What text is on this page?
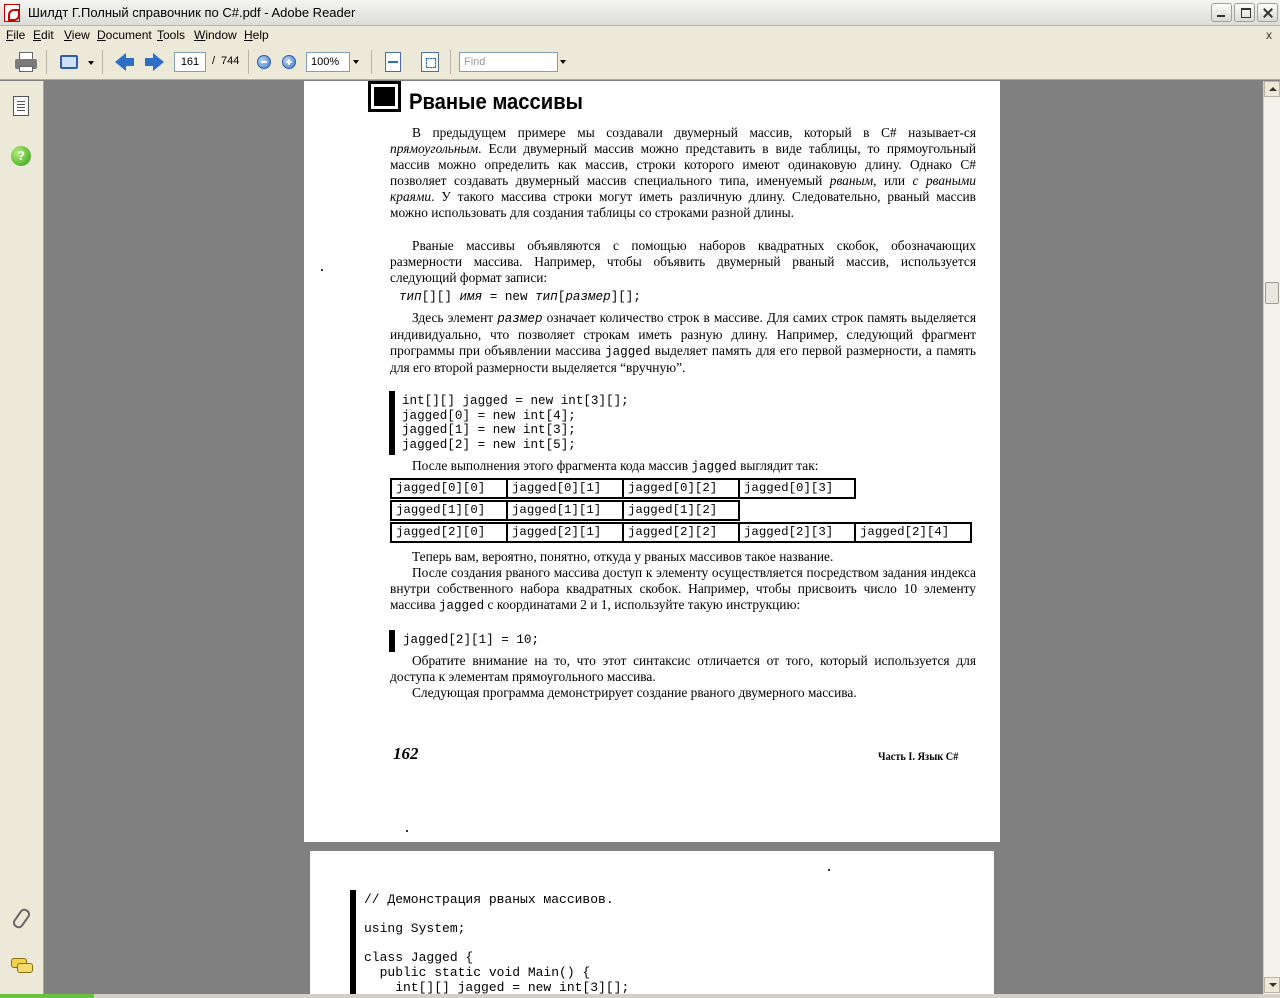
Шилдт Г.Полный справочник по C#.pdf - Adobe Reader
File Edit View Document Tools Window Help	x
161	/ 744	100%	Find
?
Рваные массивы
В предыдущем примере мы создавали двумерный массив, который в C# называет-ся прямоугольным. Если двумерный массив можно представить в виде таблицы, то прямоугольный массив можно определить как массив, строки которого имеют одинаковую длину. Однако C# позволяет создавать двумерный массив специального типа, именуемый рваным, или с рваными краями. У такого массива строки могут иметь различную длину. Следовательно, рваный массив можно использовать для создания таблицы со строками разной длины.
Рваные массивы объявляются с помощью наборов квадратных скобок, обозначающих размерности массива. Например, чтобы объявить двумерный рваный массив, используется следующий формат записи:
тип[][] имя = new тип[размер][];
Здесь элемент размер означает количество строк в массиве. Для самих строк память выделяется индивидуально, что позволяет строкам иметь разную длину. Например, следующий фрагмент программы при объявлении массива jagged выделяет память для его первой размерности, а память для его второй размерности выделяется “вручную”.
int[][] jagged = new int[3][];
jagged[0] = new int[4];
jagged[1] = new int[3];
jagged[2] = new int[5];
После выполнения этого фрагмента кода массив jagged выглядит так:
jagged[0][0]	jagged[0][1]	jagged[0][2]	jagged[0][3]
jagged[1][0]	jagged[1][1]	jagged[1][2]
jagged[2][0]	jagged[2][1]	jagged[2][2]	jagged[2][3]	jagged[2][4]
Теперь вам, вероятно, понятно, откуда у рваных массивов такое название.
После создания рваного массива доступ к элементу осуществляется посредством задания индекса внутри собственного набора квадратных скобок. Например, чтобы присвоить число 10 элементу массива jagged с координатами 2 и 1, используйте такую инструкцию:
jagged[2][1] = 10;
Обратите внимание на то, что этот синтаксис отличается от того, который используется для доступа к элементам прямоугольного массива.
Следующая программа демонстрирует создание рваного двумерного массива.
162	Часть I. Язык C#
// Демонстрация рваных массивов.

using System;

class Jagged {
public static void Main() {
int[][] jagged = new int[3][];
